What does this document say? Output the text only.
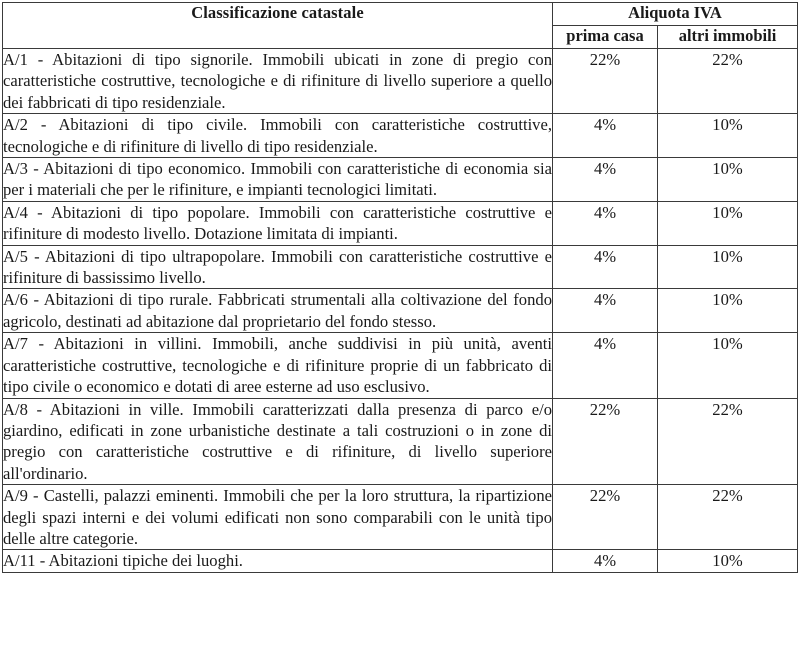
Classificazione catastale	Aliquota IVA	
	prima casa	altri immobili
A/1 - Abitazioni di tipo signorile. Immobili ubicati in zone di pregio con caratteristiche costruttive, tecnologiche e di rifiniture di livello superiore a quello dei fabbricati di tipo residenziale.	22%	22%
A/2 - Abitazioni di tipo civile. Immobili con caratteristiche costruttive, tecnologiche e di rifiniture di livello di tipo residenziale.	4%	10%
A/3 - Abitazioni di tipo economico. Immobili con caratteristiche di economia sia per i materiali che per le rifiniture, e impianti tecnologici limitati.	4%	10%
A/4 - Abitazioni di tipo popolare. Immobili con caratteristiche costruttive e rifiniture di modesto livello. Dotazione limitata di impianti.	4%	10%
A/5 - Abitazioni di tipo ultrapopolare. Immobili con caratteristiche costruttive e rifiniture di bassissimo livello.	4%	10%
A/6 - Abitazioni di tipo rurale. Fabbricati strumentali alla coltivazione del fondo agricolo, destinati ad abitazione dal proprietario del fondo stesso.	4%	10%
A/7 - Abitazioni in villini. Immobili, anche suddivisi in più unità, aventi caratteristiche costruttive, tecnologiche e di rifiniture proprie di un fabbricato di tipo civile o economico e dotati di aree esterne ad uso esclusivo.	4%	10%
A/8 - Abitazioni in ville. Immobili caratterizzati dalla presenza di parco e/o giardino, edificati in zone urbanistiche destinate a tali costruzioni o in zone di pregio con caratteristiche costruttive e di rifiniture, di livello superiore all'ordinario.	22%	22%
A/9 - Castelli, palazzi eminenti. Immobili che per la loro struttura, la ripartizione degli spazi interni e dei volumi edificati non sono comparabili con le unità tipo delle altre categorie.	22%	22%
A/11 - Abitazioni tipiche dei luoghi.	4%	10%
